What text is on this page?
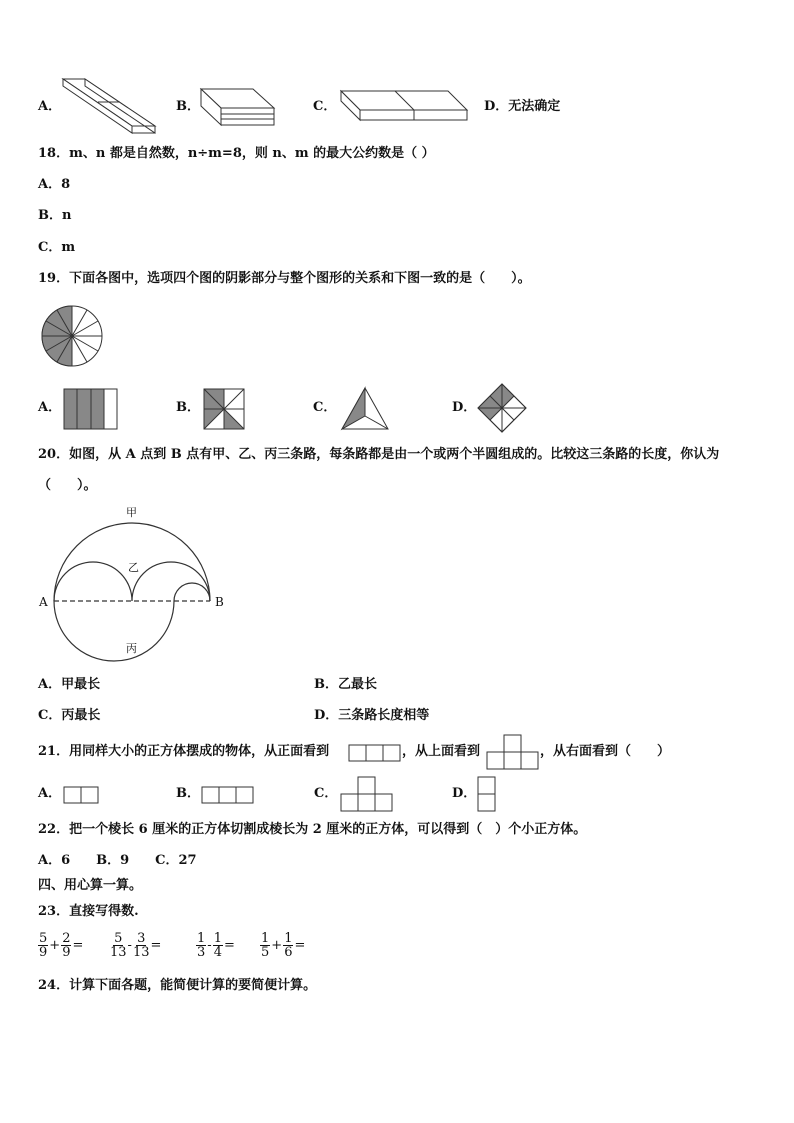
A．	B．	C．	D．无法确定
18．m、n 都是自然数，n÷m=8，则 n、m 的最大公约数是（ ）
A．8
B．n
C．m
19．下面各图中，选项四个图的阴影部分与整个图形的关系和下图一致的是（　　）。
A．	B．	C．	D．
20．如图，从 A 点到 B 点有甲、乙、丙三条路，每条路都是由一个或两个半圆组成的。比较这三条路的长度，你认为
（　　）。
甲
乙
丙
A	B
A．甲最长	B．乙最长
C．丙最长	D．三条路长度相等
21．用同样大小的正方体摆成的物体，从正面看到	，从上面看到	，从右面看到（　　）
A．	B．	C．	D．
22．把一个棱长 6 厘米的正方体切割成棱长为 2 厘米的正方体，可以得到（　）个小正方体。
A．6　　B．9　　C．27
四、用心算一算。
23．直接写得数.
$\frac{5}{9} + \frac{2}{9} = \frac{5}{13} - \frac{3}{13}$ =	$\frac{1}{3} - \frac{1}{4} = \frac{1}{5} + \frac{1}{6}$ =
24．计算下面各题，能简便计算的要简便计算。
